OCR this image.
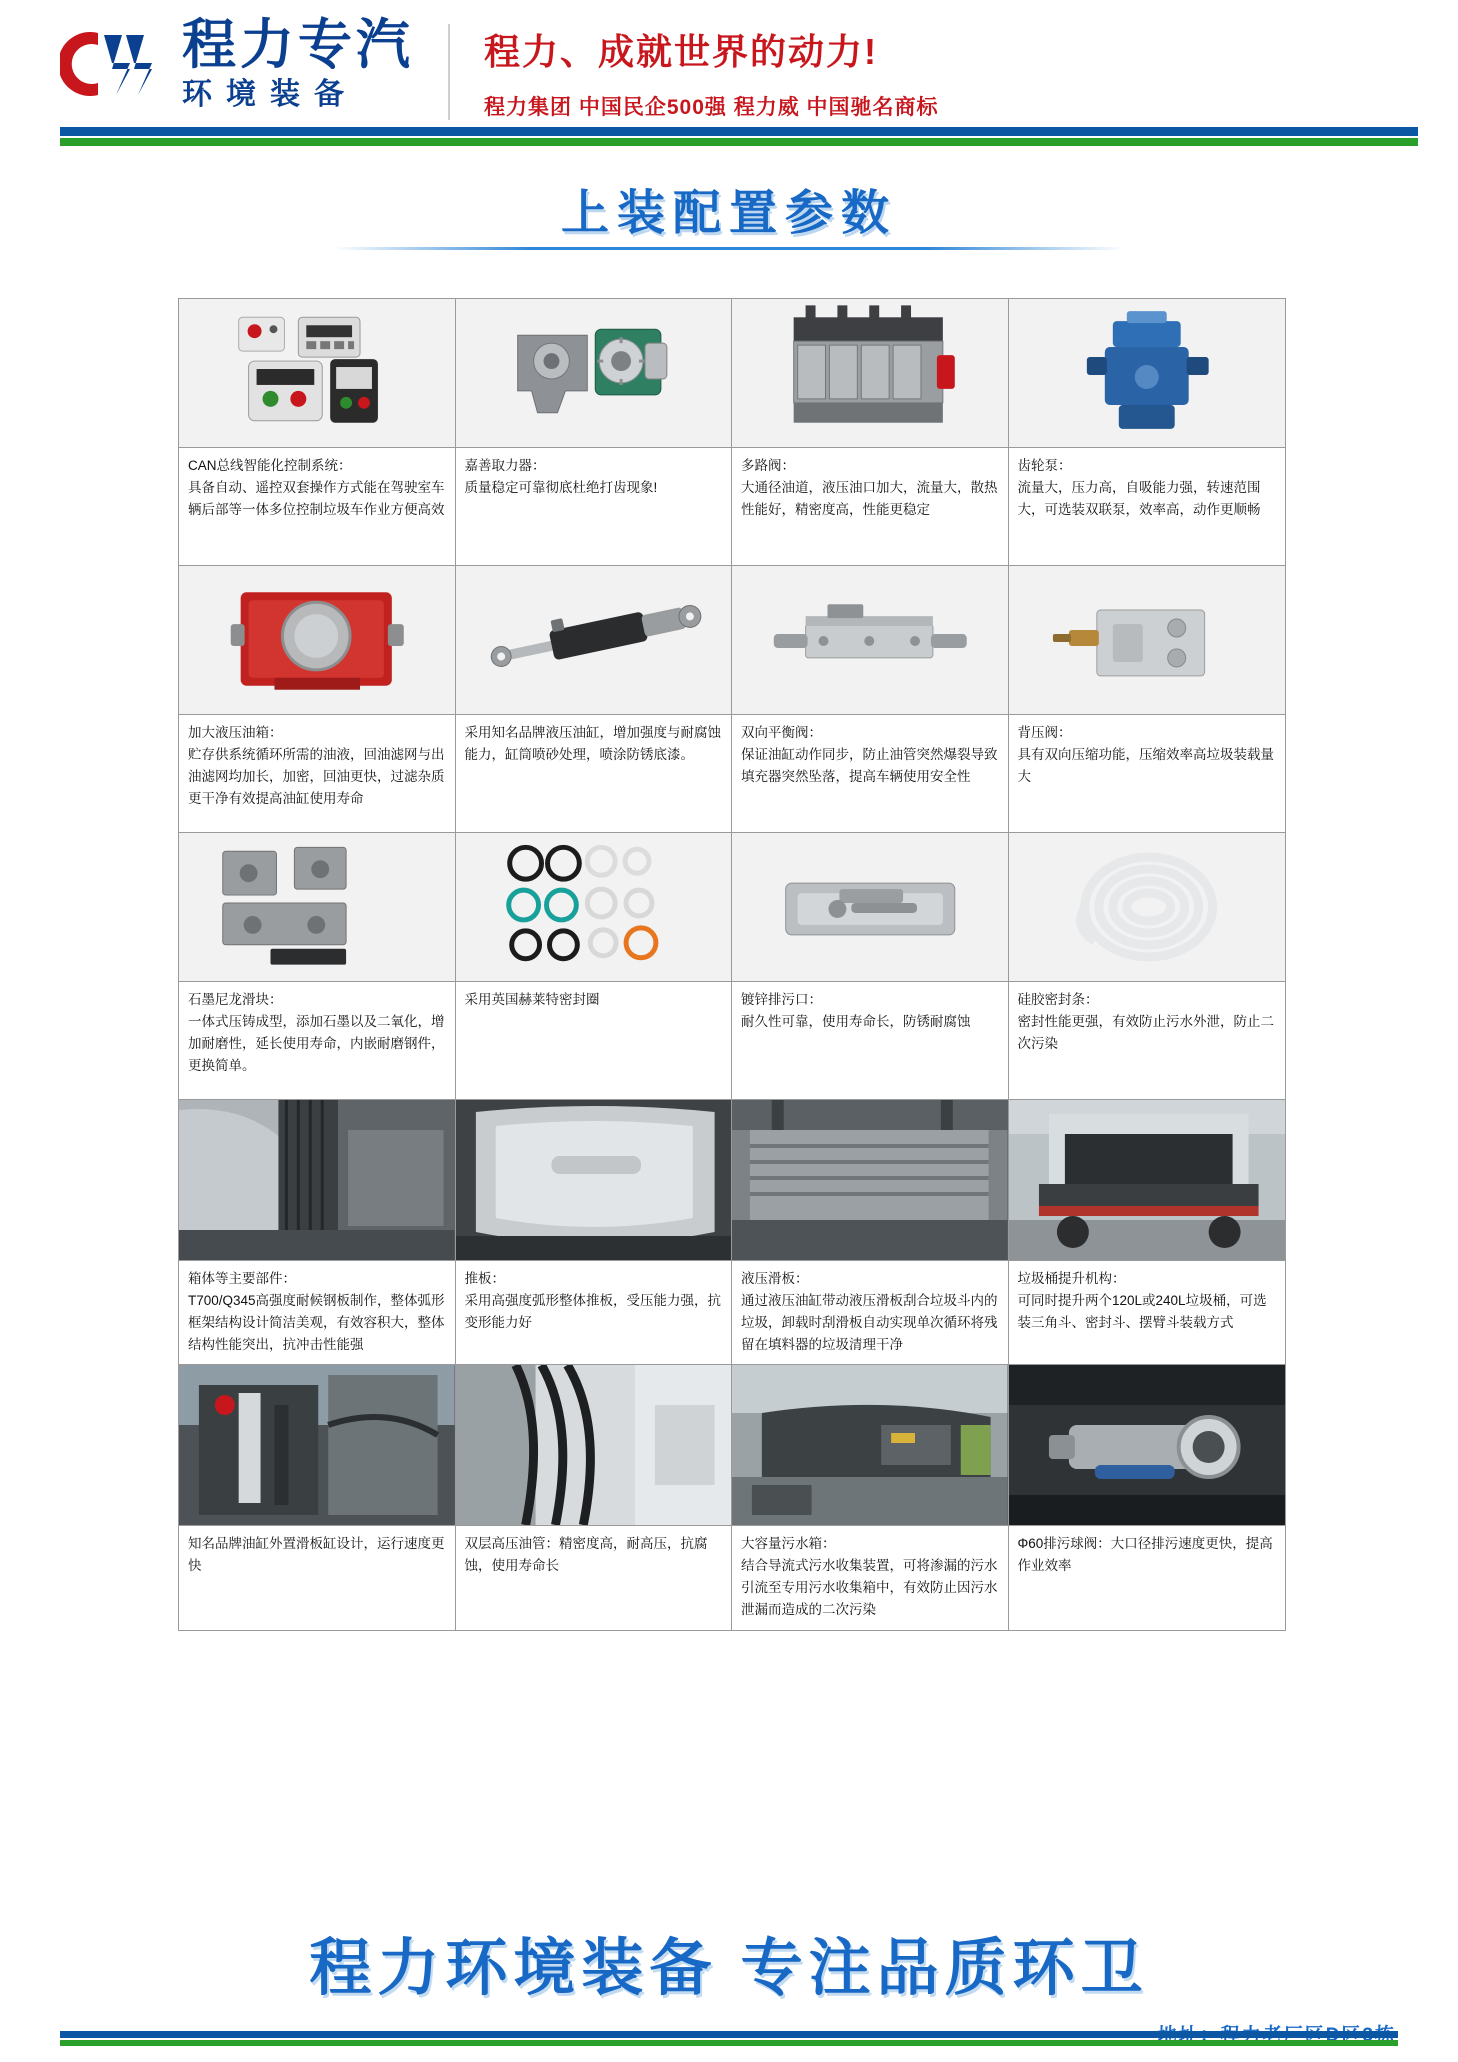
程力专汽
环境装备
程力、成就世界的动力!
程力集团 中国民企500强 程力威 中国驰名商标
上装配置参数
CAN总线智能化控制系统：
具备自动、遥控双套操作方式能在驾驶室车辆后部等一体多位控制垃圾车作业方便高效
嘉善取力器：
质量稳定可靠彻底杜绝打齿现象!
多路阀：
大通径油道，液压油口加大，流量大，散热性能好，精密度高，性能更稳定
齿轮泵：
流量大，压力高，自吸能力强，转速范围大，可选装双联泵，效率高，动作更顺畅
加大液压油箱：
贮存供系统循环所需的油液，回油滤网与出油滤网均加长，加密，回油更快，过滤杂质更干净有效提高油缸使用寿命
采用知名品牌液压油缸，增加强度与耐腐蚀能力，缸筒喷砂处理，喷涂防锈底漆。
双向平衡阀：
保证油缸动作同步，防止油管突然爆裂导致填充器突然坠落，提高车辆使用安全性
背压阀：
具有双向压缩功能，压缩效率高垃圾装载量大
石墨尼龙滑块：
一体式压铸成型，添加石墨以及二氧化，增加耐磨性，延长使用寿命，内嵌耐磨钢件，更换简单。
采用英国赫莱特密封圈	镀锌排污口：
耐久性可靠，使用寿命长，防锈耐腐蚀
硅胶密封条：
密封性能更强，有效防止污水外泄，防止二次污染
箱体等主要部件：
T700/Q345高强度耐候钢板制作，整体弧形框架结构设计简洁美观，有效容积大，整体结构性能突出，抗冲击性能强
推板：
采用高强度弧形整体推板，受压能力强，抗变形能力好
液压滑板：
通过液压油缸带动液压滑板刮合垃圾斗内的垃圾，卸载时刮滑板自动实现单次循环将残留在填料器的垃圾清理干净
垃圾桶提升机构：
可同时提升两个120L或240L垃圾桶，可选装三角斗、密封斗、摆臂斗装载方式
知名品牌油缸外置滑板缸设计，运行速度更快
双层高压油管：精密度高，耐高压，抗腐蚀，使用寿命长
大容量污水箱：
结合导流式污水收集装置，可将渗漏的污水引流至专用污水收集箱中，有效防止因污水泄漏而造成的二次污染
Φ60排污球阀：大口径排污速度更快，提高作业效率
程力环境装备 专注品质环卫
